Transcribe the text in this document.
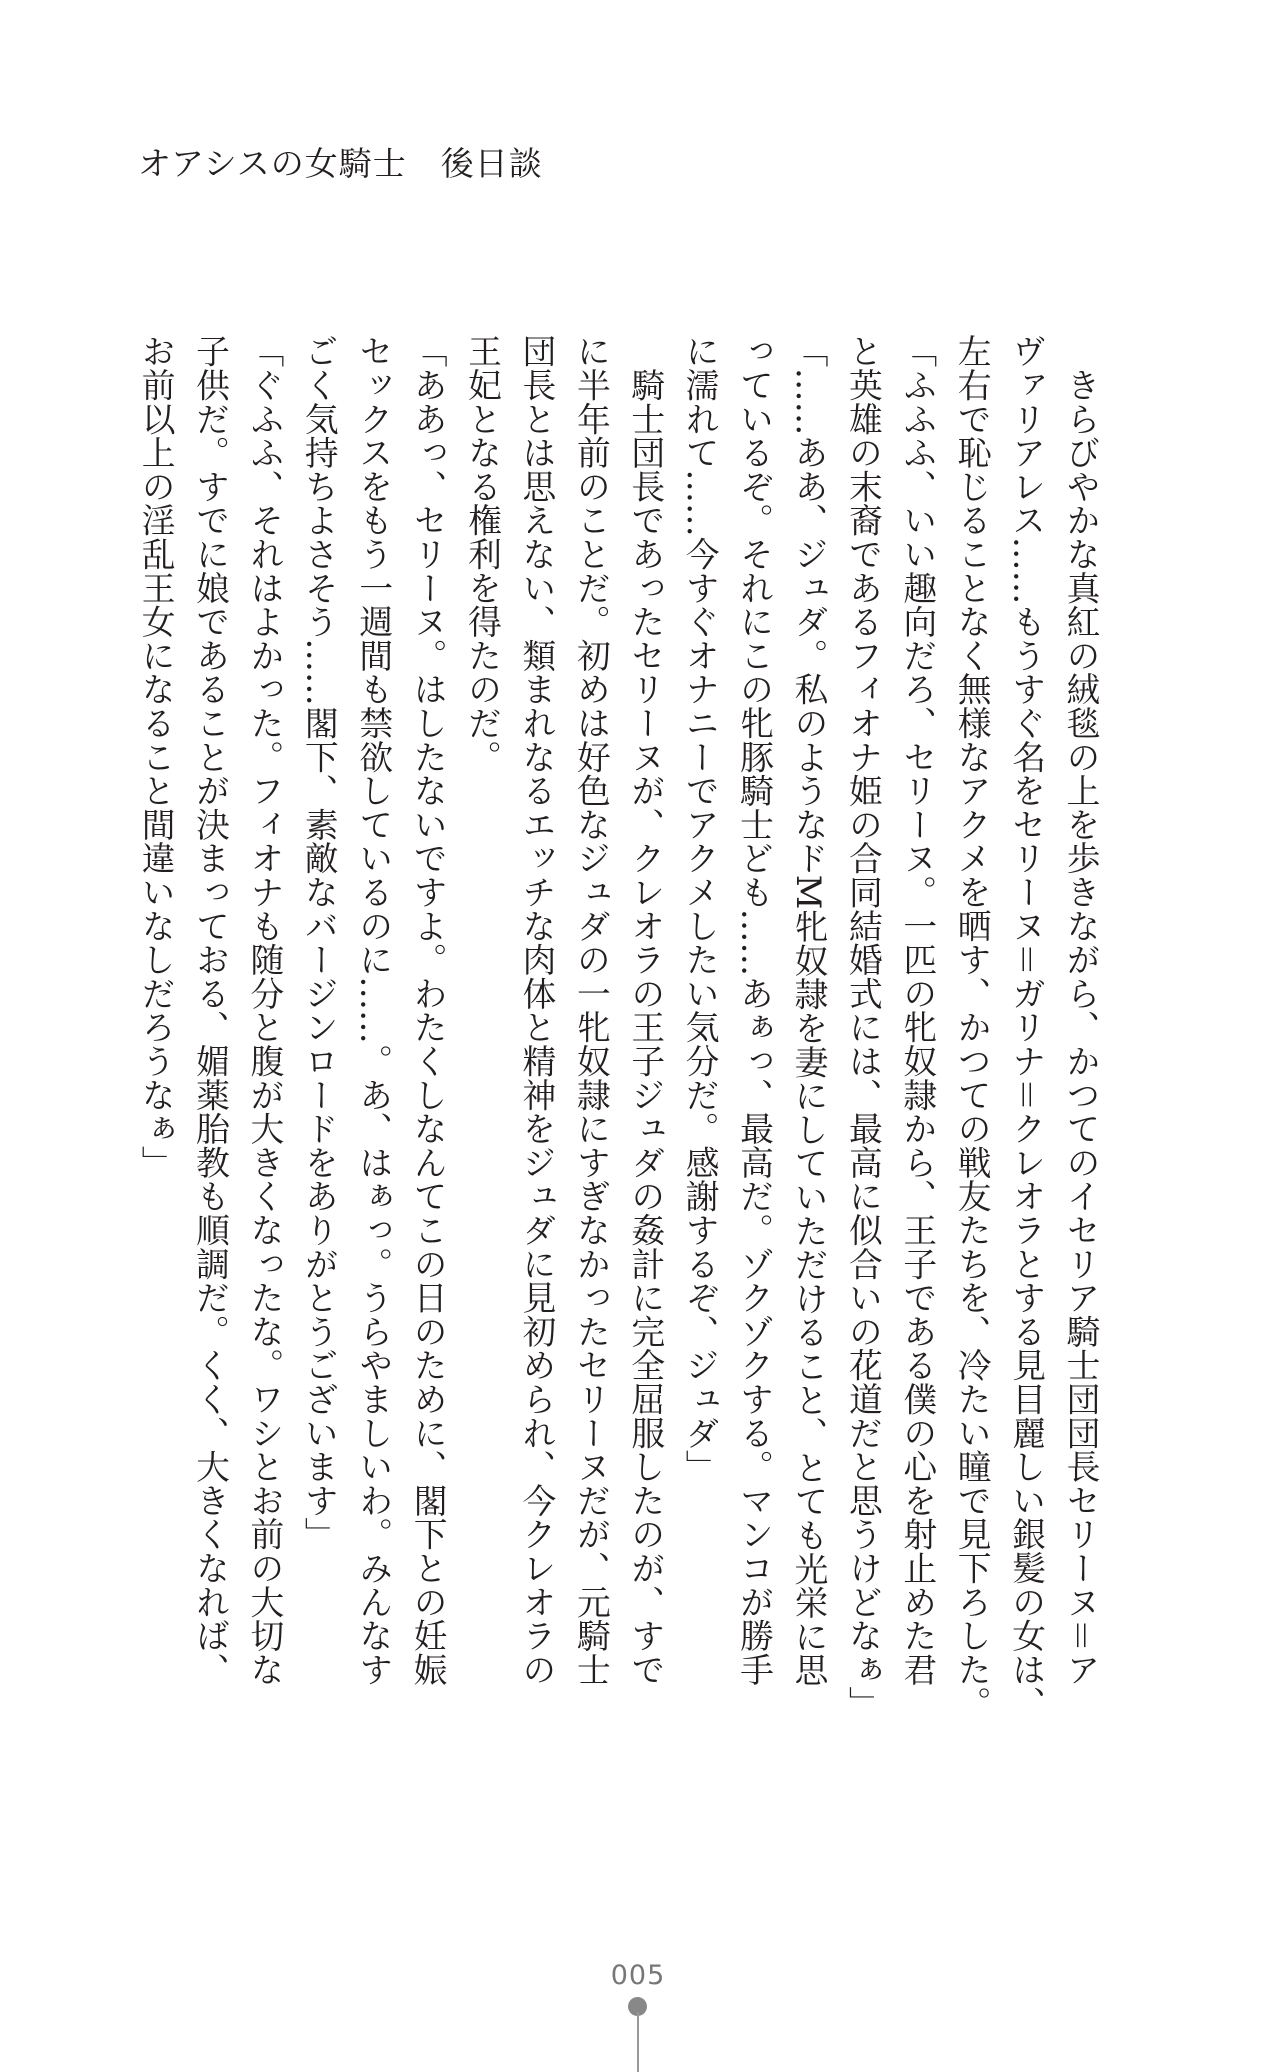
オアシスの女騎士　後日談
　きらびやかな真紅の絨毯の上を歩きながら、かつてのイセリア騎士団団長セリーヌ＝ア
ヴァリアレス……もうすぐ名をセリーヌ＝ガリナ＝クレオラとする見目麗しい銀髪の女は、
左右で恥じることなく無様なアクメを晒す、かつての戦友たちを、冷たい瞳で見下ろした。
「ふふふ、いい趣向だろ、セリーヌ。一匹の牝奴隷から、王子である僕の心を射止めた君
と英雄の末裔であるフィオナ姫の合同結婚式には、最高に似合いの花道だと思うけどなぁ」
「……ああ、ジュダ。私のようなドM牝奴隷を妻にしていただけること、とても光栄に思
っているぞ。それにこの牝豚騎士ども……あぁっ、最高だ。ゾクゾクする。マンコが勝手
に濡れて……今すぐオナニーでアクメしたい気分だ。感謝するぞ、ジュダ」
　騎士団長であったセリーヌが、クレオラの王子ジュダの姦計に完全屈服したのが、すで
に半年前のことだ。初めは好色なジュダの一牝奴隷にすぎなかったセリーヌだが、元騎士
団長とは思えない、類まれなるエッチな肉体と精神をジュダに見初められ、今クレオラの
王妃となる権利を得たのだ。
「ああっ、セリーヌ。はしたないですよ。わたくしなんてこの日のために、閣下との妊娠
セックスをもう一週間も禁欲しているのに……。あ、はぁっ。うらやましいわ。みんなす
ごく気持ちよさそう……閣下、素敵なバージンロードをありがとうございます」
「ぐふふ、それはよかった。フィオナも随分と腹が大きくなったな。ワシとお前の大切な
子供だ。すでに娘であることが決まっておる、媚薬胎教も順調だ。くく、大きくなれば、
お前以上の淫乱王女になること間違いなしだろうなぁ」
005
